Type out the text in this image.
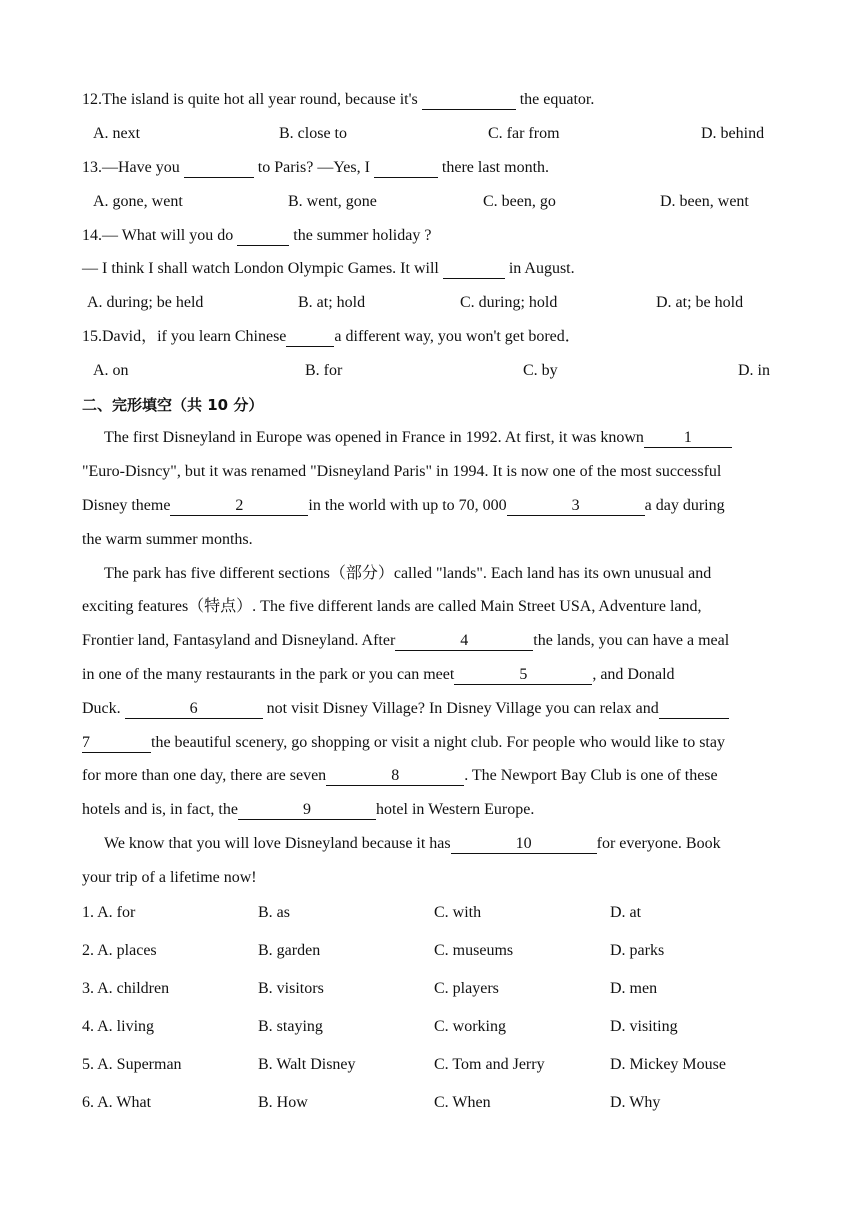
12.The island is quite hot all year round, because it's	the equator.
A. next	B. close to	C. far from	D. behind
13.—Have you	to Paris? —Yes, I	there last month.
A. gone, went	B. went, gone	C. been, go	D. been, went
14.— What will you do	the summer holiday ?
— I think I shall watch London Olympic Games. It will	in August.
A. during; be held	B. at; hold	C. during; hold	D. at; be hold
15.David，if you learn Chinese	a different way, you won't get bored．
A. on	B. for	C. by	D. in
二、完形填空（共 10 分）
The first Disneyland in Europe was opened in France in 1992. At first, it was known	1
"Euro-Disncy", but it was renamed "Disneyland Paris" in 1994. It is now one of the most successful
Disney theme	2	in the world with up to 70, 000	3	a day during
the warm summer months.
The park has five different sections（部分）called "lands". Each land has its own unusual and
exciting features（特点）. The five different lands are called Main Street USA, Adventure land,
Frontier land, Fantasyland and Disneyland. After	4	the lands, you can have a meal
in one of the many restaurants in the park or you can meet	5	, and Donald
Duck.	6	not visit Disney Village? In Disney Village you can relax and
7	the beautiful scenery, go shopping or visit a night club. For people who would like to stay
for more than one day, there are seven	8	. The Newport Bay Club is one of these
hotels and is, in fact, the	9	hotel in Western Europe.
We know that you will love Disneyland because it has	10	for everyone. Book
your trip of a lifetime now!
1. A. for	B. as	C. with	D. at
2. A. places	B. garden	C. museums	D. parks
3. A. children	B. visitors	C. players	D. men
4. A. living	B. staying	C. working	D. visiting
5. A. Superman	B. Walt Disney	C. Tom and Jerry	D. Mickey Mouse
6. A. What	B. How	C. When	D. Why
